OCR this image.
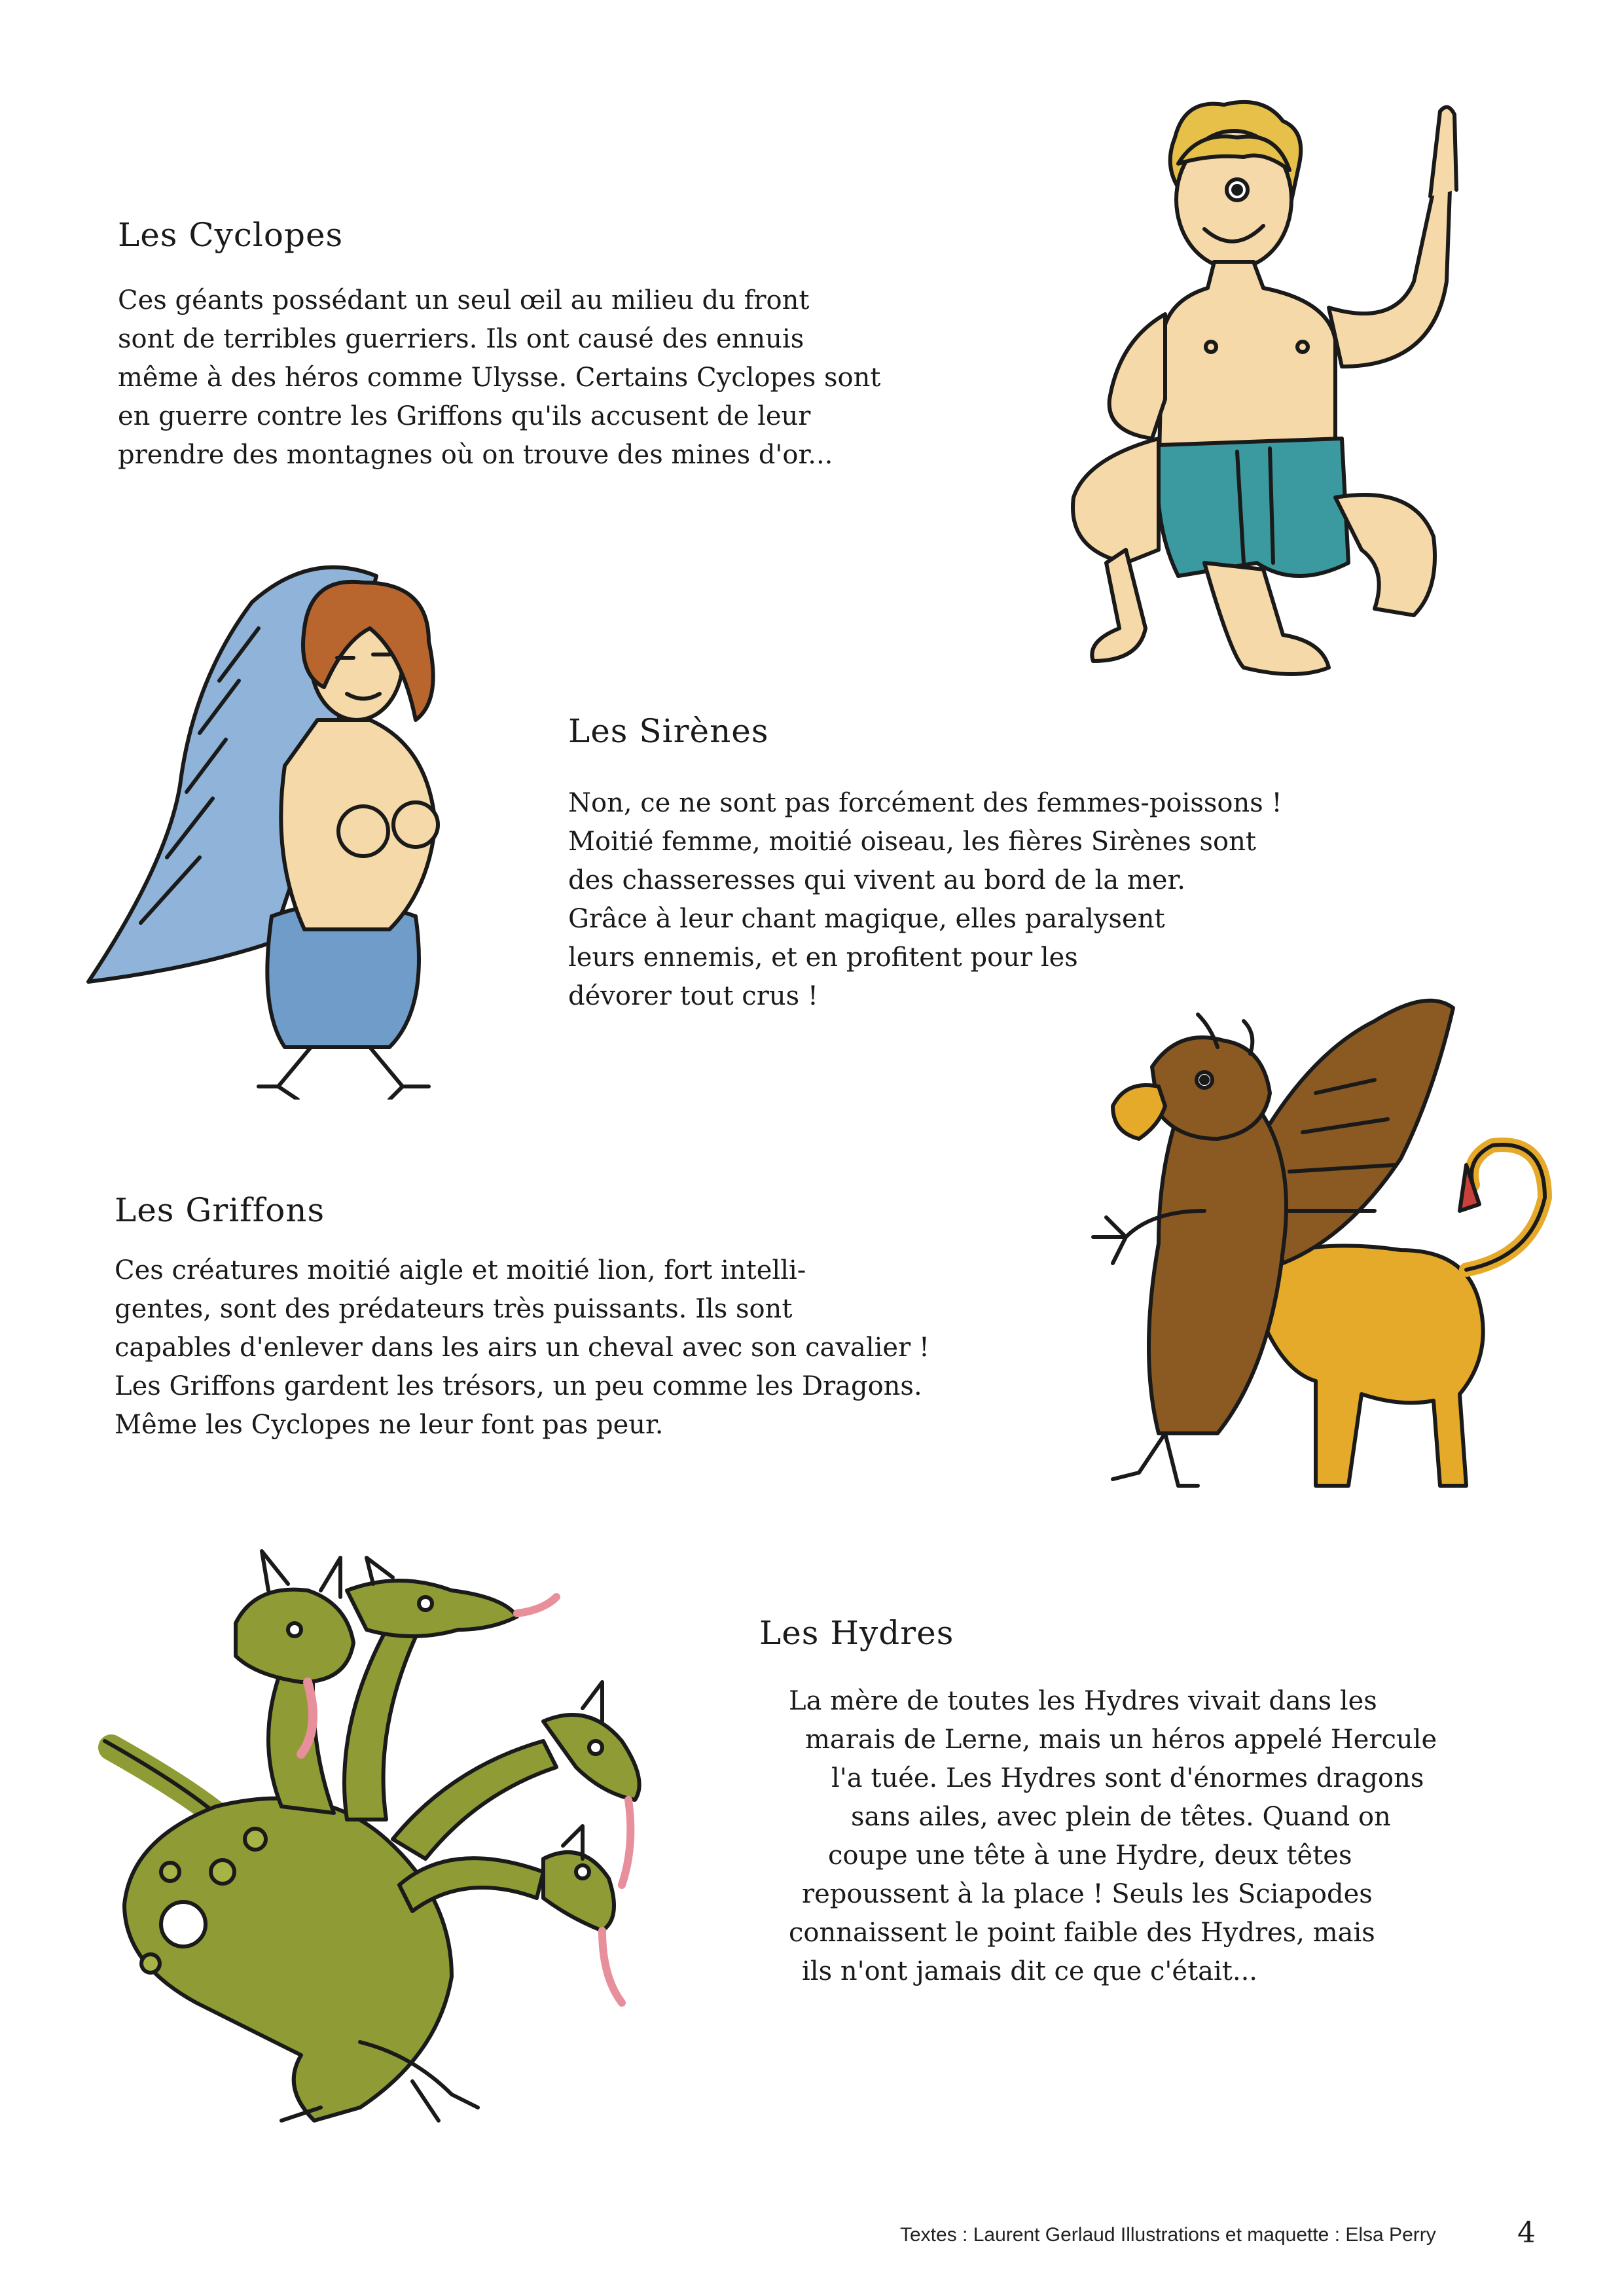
Les Cyclopes
Ces géants possédant un seul œil au milieu du front
sont de terribles guerriers. Ils ont causé des ennuis
même à des héros comme Ulysse. Certains Cyclopes sont
en guerre contre les Griffons qu'ils accusent de leur
prendre des montagnes où on trouve des mines d'or...
Les Sirènes
Non, ce ne sont pas forcément des femmes-poissons !
Moitié femme, moitié oiseau, les fières Sirènes sont
des chasseresses qui vivent au bord de la mer.
Grâce à leur chant magique, elles paralysent
leurs ennemis, et en profitent pour les
dévorer tout crus !
Les Griffons
Ces créatures moitié aigle et moitié lion, fort intelli-
gentes, sont des prédateurs très puissants. Ils sont
capables d'enlever dans les airs un cheval avec son cavalier !
Les Griffons gardent les trésors, un peu comme les Dragons.
Même les Cyclopes ne leur font pas peur.
Les Hydres
La mère de toutes les Hydres vivait dans les
marais de Lerne, mais un héros appelé Hercule
l'a tuée. Les Hydres sont d'énormes dragons
sans ailes, avec plein de têtes. Quand on
coupe une tête à une Hydre, deux têtes
repoussent à la place ! Seuls les Sciapodes
connaissent le point faible des Hydres, mais
ils n'ont jamais dit ce que c'était...
Textes : Laurent Gerlaud Illustrations et maquette : Elsa Perry	4
